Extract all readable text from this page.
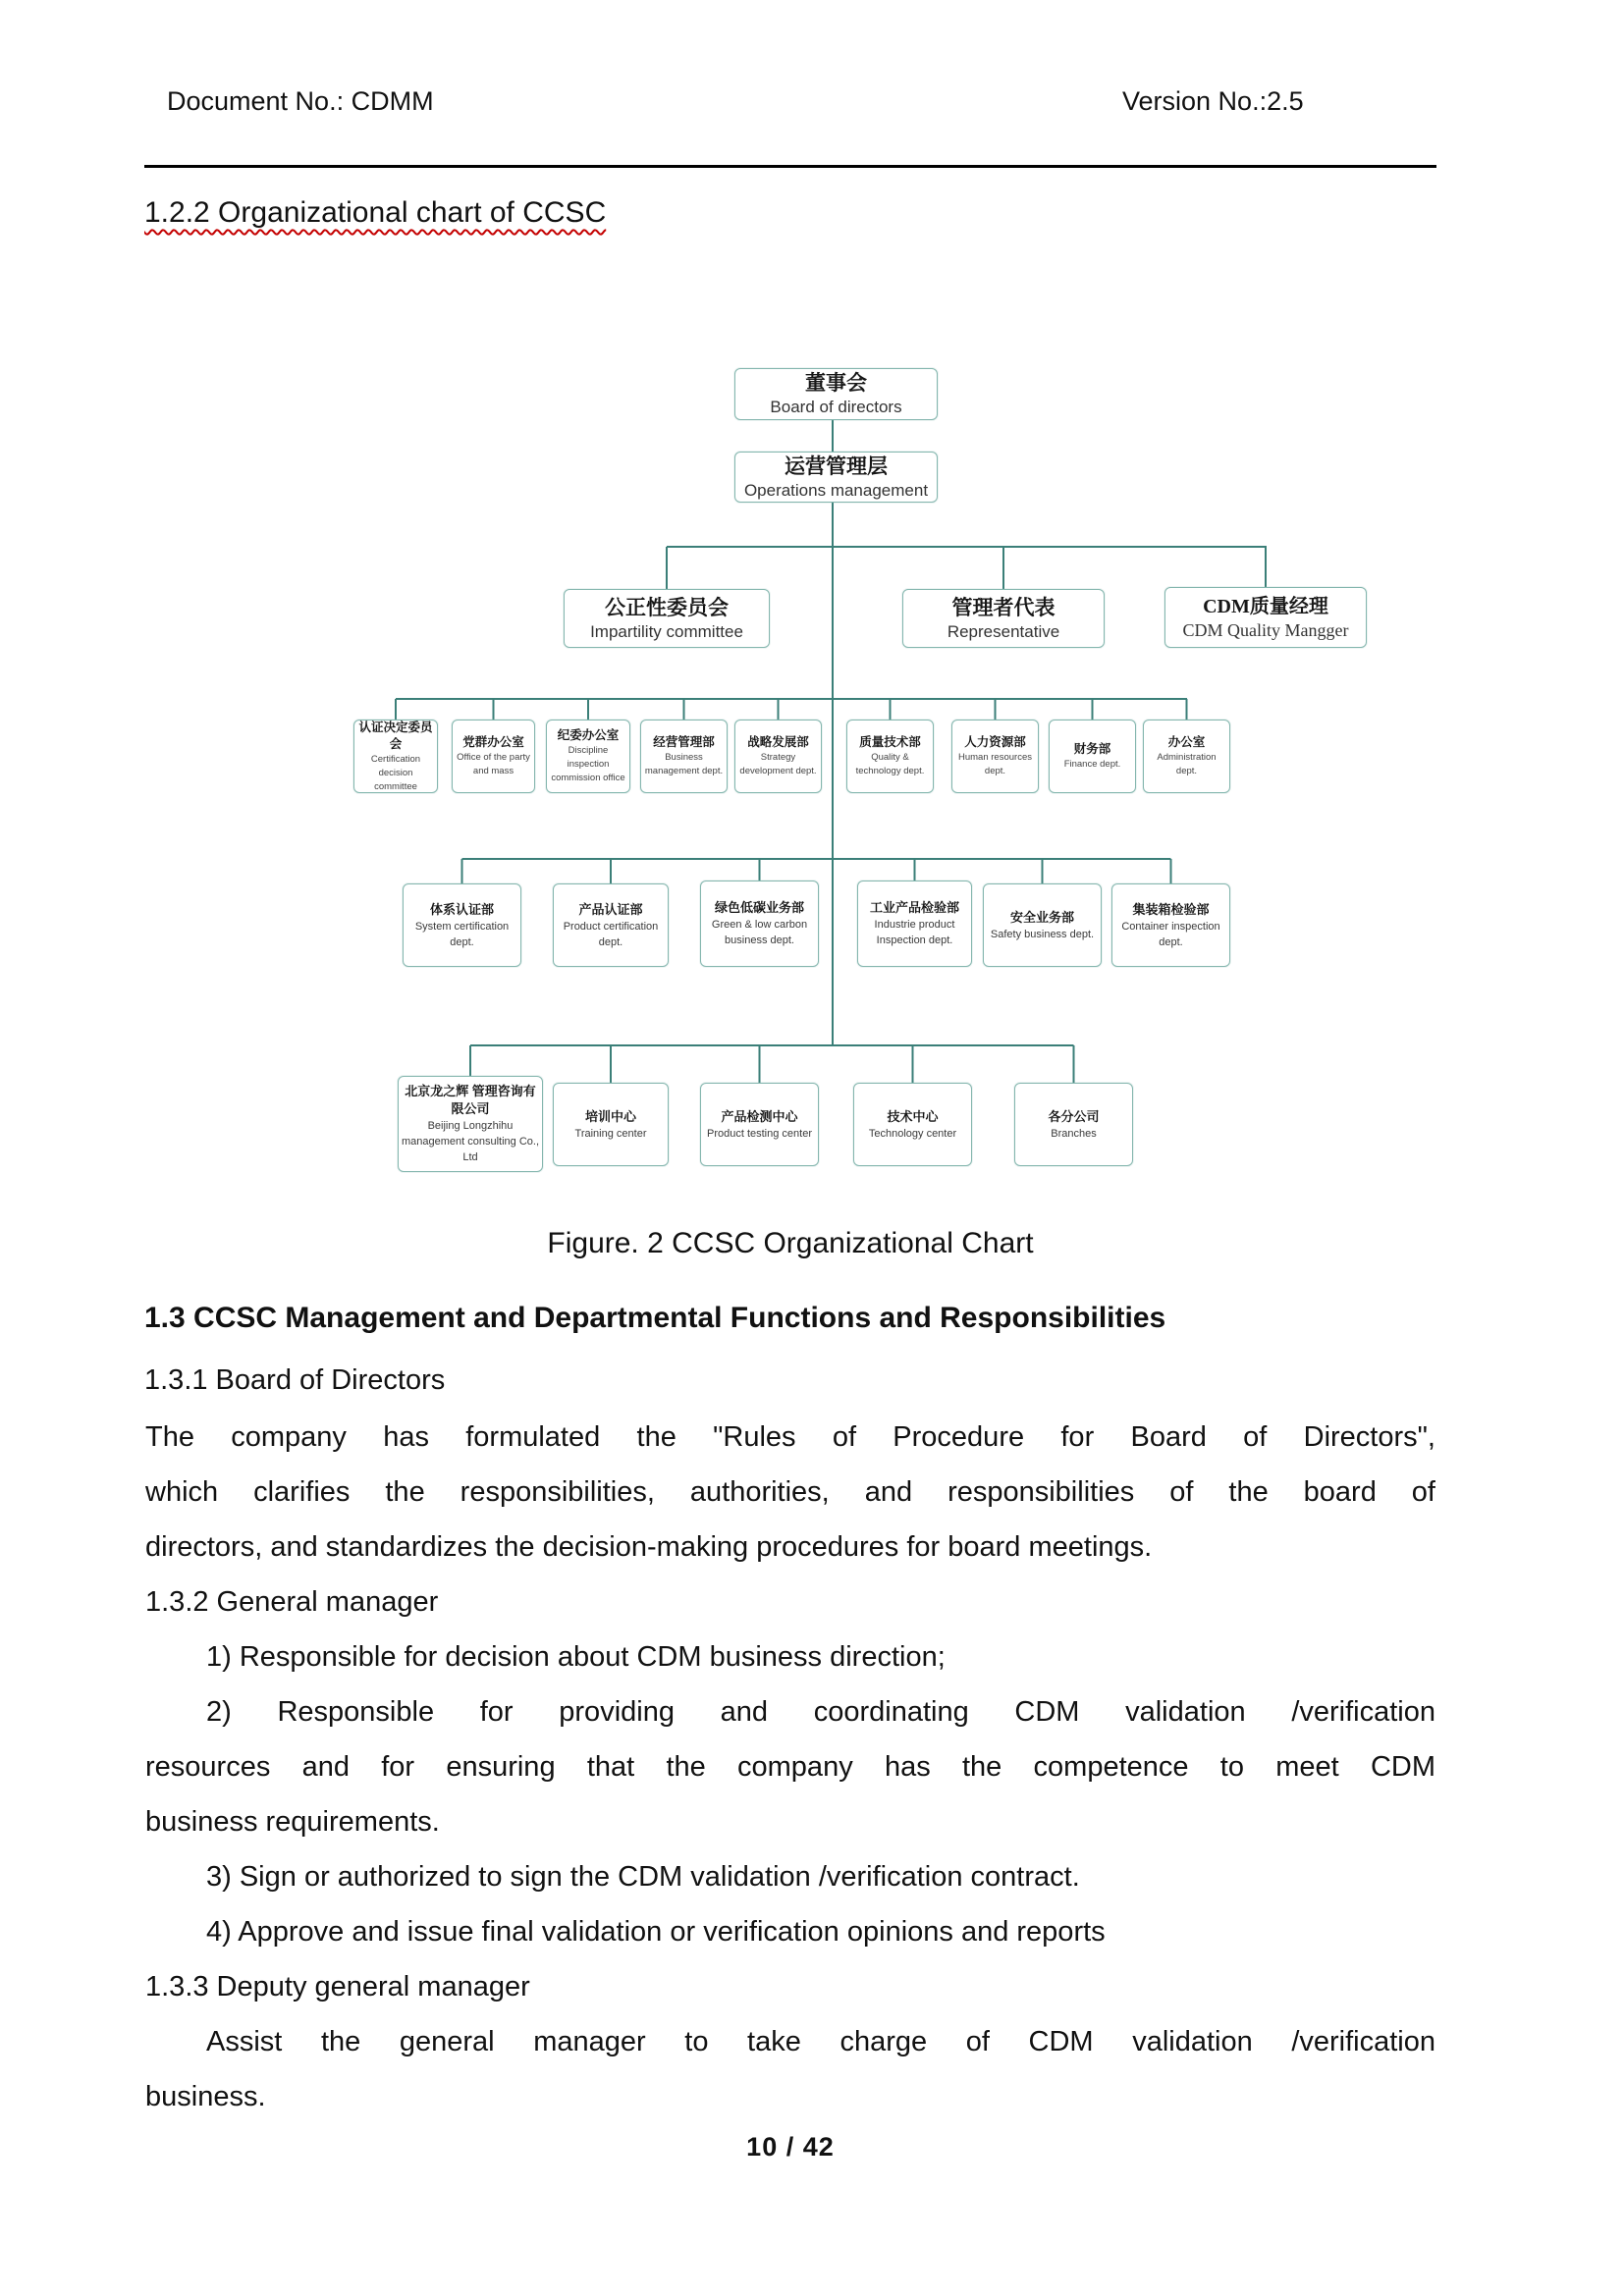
Document No.: CDMM	Version No.:2.5
1.2.2 Organizational chart of CCSC
董事会
Board of directors
运营管理层
Operations management
公正性委员会
Impartility committee
管理者代表
Representative
CDM质量经理
CDM Quality Mangger
认证决定委员会
Certification decision committee
党群办公室
Office of the party and mass
纪委办公室
Discipline inspection commission office
经营管理部
Business management dept.
战略发展部
Strategy development dept.
质量技术部
Quality & technology dept.
人力资源部
Human resources dept.
财务部
Finance dept.
办公室
Administration dept.
体系认证部
System certification dept.
产品认证部
Product certification dept.
绿色低碳业务部
Green & low carbon business dept.
工业产品检验部
Industrie product Inspection dept.
安全业务部
Safety business dept.
集装箱检验部
Container inspection dept.
北京龙之辉 管理咨询有限公司
Beijing Longzhihu management consulting Co., Ltd
培训中心
Training center
产品检测中心
Product testing center
技术中心
Technology center
各分公司
Branches
Figure. 2 CCSC Organizational Chart
1.3 CCSC Management and Departmental Functions and Responsibilities
1.3.1 Board of Directors
The company has formulated the "Rules of Procedure for Board of Directors",
which clarifies the responsibilities, authorities, and responsibilities of the board of
directors, and standardizes the decision-making procedures for board meetings.
1.3.2 General manager
1) Responsible for decision about CDM business direction;
2) Responsible for providing and coordinating CDM validation /verification
resources and for ensuring that the company has the competence to meet CDM
business requirements.
3) Sign or authorized to sign the CDM validation /verification contract.
4) Approve and issue final validation or verification opinions and reports
1.3.3 Deputy general manager
Assist the general manager to take charge of CDM validation /verification
business.
10 / 42
